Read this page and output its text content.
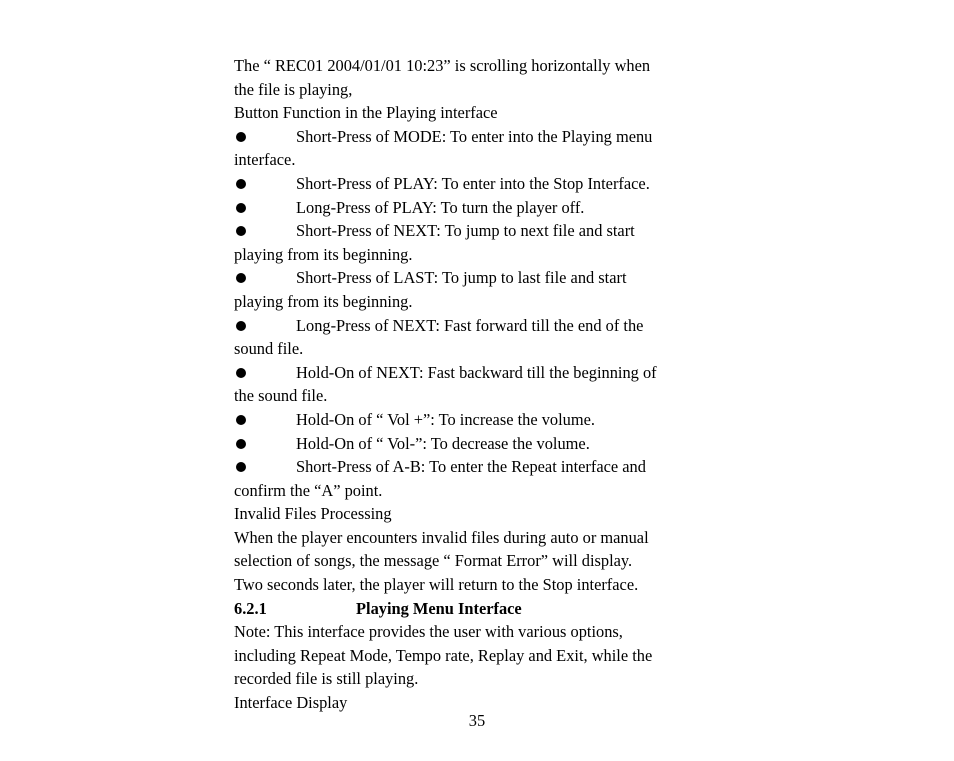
The “ REC01 2004/01/01 10:23” is scrolling horizontally when
the file is playing,
Button Function in the Playing interface
Short-Press of MODE: To enter into the Playing menu
interface.
Short-Press of PLAY: To enter into the Stop Interface.
Long-Press of PLAY: To turn the player off.
Short-Press of NEXT: To jump to next file and start
playing from its beginning.
Short-Press of LAST: To jump to last file and start
playing from its beginning.
Long-Press of NEXT: Fast forward till the end of the
sound file.
Hold-On of NEXT: Fast backward till the beginning of
the sound file.
Hold-On of “ Vol +”: To increase the volume.
Hold-On of “ Vol-”: To decrease the volume.
Short-Press of A-B: To enter the Repeat interface and
confirm the “A” point.
Invalid Files Processing
When the player encounters invalid files during auto or manual
selection of songs, the message “ Format Error” will display.
Two seconds later, the player will return to the Stop interface.
6.2.1	Playing Menu Interface
Note: This interface provides the user with various options,
including Repeat Mode, Tempo rate, Replay and Exit, while the
recorded file is still playing.
Interface Display
35
